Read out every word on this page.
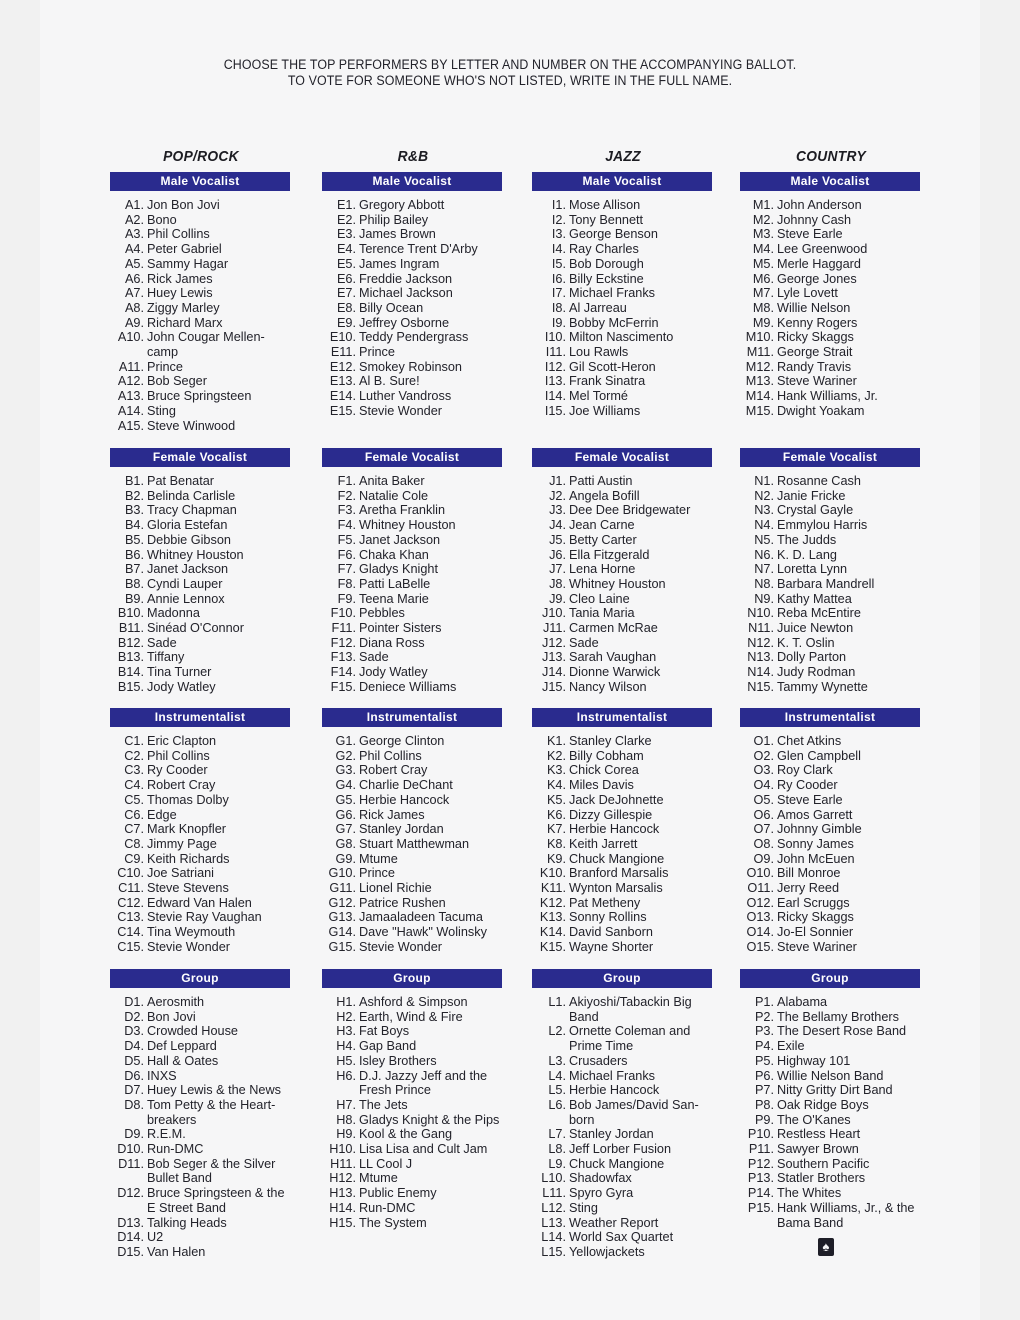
CHOOSE THE TOP PERFORMERS BY LETTER AND NUMBER ON THE ACCOMPANYING BALLOT.
TO VOTE FOR SOMEONE WHO'S NOT LISTED, WRITE IN THE FULL NAME.
POP/ROCK
Male Vocalist
A1. Jon Bon Jovi
A2. Bono
A3. Phil Collins
A4. Peter Gabriel
A5. Sammy Hagar
A6. Rick James
A7. Huey Lewis
A8. Ziggy Marley
A9. Richard Marx
A10. John Cougar Mellen-camp
A11. Prince
A12. Bob Seger
A13. Bruce Springsteen
A14. Sting
A15. Steve Winwood
Female Vocalist
B1. Pat Benatar
B2. Belinda Carlisle
B3. Tracy Chapman
B4. Gloria Estefan
B5. Debbie Gibson
B6. Whitney Houston
B7. Janet Jackson
B8. Cyndi Lauper
B9. Annie Lennox
B10. Madonna
B11. Sinéad O'Connor
B12. Sade
B13. Tiffany
B14. Tina Turner
B15. Jody Watley
Instrumentalist
C1. Eric Clapton
C2. Phil Collins
C3. Ry Cooder
C4. Robert Cray
C5. Thomas Dolby
C6. Edge
C7. Mark Knopfler
C8. Jimmy Page
C9. Keith Richards
C10. Joe Satriani
C11. Steve Stevens
C12. Edward Van Halen
C13. Stevie Ray Vaughan
C14. Tina Weymouth
C15. Stevie Wonder
Group
D1. Aerosmith
D2. Bon Jovi
D3. Crowded House
D4. Def Leppard
D5. Hall & Oates
D6. INXS
D7. Huey Lewis & the News
D8. Tom Petty & the Heart-breakers
D9. R.E.M.
D10. Run-DMC
D11. Bob Seger & the Silver Bullet Band
D12. Bruce Springsteen & the E Street Band
D13. Talking Heads
D14. U2
D15. Van Halen
R&B
Male Vocalist
E1. Gregory Abbott
E2. Philip Bailey
E3. James Brown
E4. Terence Trent D'Arby
E5. James Ingram
E6. Freddie Jackson
E7. Michael Jackson
E8. Billy Ocean
E9. Jeffrey Osborne
E10. Teddy Pendergrass
E11. Prince
E12. Smokey Robinson
E13. Al B. Sure!
E14. Luther Vandross
E15. Stevie Wonder
Female Vocalist
F1. Anita Baker
F2. Natalie Cole
F3. Aretha Franklin
F4. Whitney Houston
F5. Janet Jackson
F6. Chaka Khan
F7. Gladys Knight
F8. Patti LaBelle
F9. Teena Marie
F10. Pebbles
F11. Pointer Sisters
F12. Diana Ross
F13. Sade
F14. Jody Watley
F15. Deniece Williams
Instrumentalist
G1. George Clinton
G2. Phil Collins
G3. Robert Cray
G4. Charlie DeChant
G5. Herbie Hancock
G6. Rick James
G7. Stanley Jordan
G8. Stuart Matthewman
G9. Mtume
G10. Prince
G11. Lionel Richie
G12. Patrice Rushen
G13. Jamaaladeen Tacuma
G14. Dave "Hawk" Wolinsky
G15. Stevie Wonder
Group
H1. Ashford & Simpson
H2. Earth, Wind & Fire
H3. Fat Boys
H4. Gap Band
H5. Isley Brothers
H6. D.J. Jazzy Jeff and the Fresh Prince
H7. The Jets
H8. Gladys Knight & the Pips
H9. Kool & the Gang
H10. Lisa Lisa and Cult Jam
H11. LL Cool J
H12. Mtume
H13. Public Enemy
H14. Run-DMC
H15. The System
JAZZ
Male Vocalist
I1. Mose Allison
I2. Tony Bennett
I3. George Benson
I4. Ray Charles
I5. Bob Dorough
I6. Billy Eckstine
I7. Michael Franks
I8. Al Jarreau
I9. Bobby McFerrin
I10. Milton Nascimento
I11. Lou Rawls
I12. Gil Scott-Heron
I13. Frank Sinatra
I14. Mel Tormé
I15. Joe Williams
Female Vocalist
J1. Patti Austin
J2. Angela Bofill
J3. Dee Dee Bridgewater
J4. Jean Carne
J5. Betty Carter
J6. Ella Fitzgerald
J7. Lena Horne
J8. Whitney Houston
J9. Cleo Laine
J10. Tania Maria
J11. Carmen McRae
J12. Sade
J13. Sarah Vaughan
J14. Dionne Warwick
J15. Nancy Wilson
Instrumentalist
K1. Stanley Clarke
K2. Billy Cobham
K3. Chick Corea
K4. Miles Davis
K5. Jack DeJohnette
K6. Dizzy Gillespie
K7. Herbie Hancock
K8. Keith Jarrett
K9. Chuck Mangione
K10. Branford Marsalis
K11. Wynton Marsalis
K12. Pat Metheny
K13. Sonny Rollins
K14. David Sanborn
K15. Wayne Shorter
Group
L1. Akiyoshi/Tabackin Big Band
L2. Ornette Coleman and Prime Time
L3. Crusaders
L4. Michael Franks
L5. Herbie Hancock
L6. Bob James/David San-born
L7. Stanley Jordan
L8. Jeff Lorber Fusion
L9. Chuck Mangione
L10. Shadowfax
L11. Spyro Gyra
L12. Sting
L13. Weather Report
L14. World Sax Quartet
L15. Yellowjackets
COUNTRY
Male Vocalist
M1. John Anderson
M2. Johnny Cash
M3. Steve Earle
M4. Lee Greenwood
M5. Merle Haggard
M6. George Jones
M7. Lyle Lovett
M8. Willie Nelson
M9. Kenny Rogers
M10. Ricky Skaggs
M11. George Strait
M12. Randy Travis
M13. Steve Wariner
M14. Hank Williams, Jr.
M15. Dwight Yoakam
Female Vocalist
N1. Rosanne Cash
N2. Janie Fricke
N3. Crystal Gayle
N4. Emmylou Harris
N5. The Judds
N6. K. D. Lang
N7. Loretta Lynn
N8. Barbara Mandrell
N9. Kathy Mattea
N10. Reba McEntire
N11. Juice Newton
N12. K. T. Oslin
N13. Dolly Parton
N14. Judy Rodman
N15. Tammy Wynette
Instrumentalist
O1. Chet Atkins
O2. Glen Campbell
O3. Roy Clark
O4. Ry Cooder
O5. Steve Earle
O6. Amos Garrett
O7. Johnny Gimble
O8. Sonny James
O9. John McEuen
O10. Bill Monroe
O11. Jerry Reed
O12. Earl Scruggs
O13. Ricky Skaggs
O14. Jo-El Sonnier
O15. Steve Wariner
Group
P1. Alabama
P2. The Bellamy Brothers
P3. The Desert Rose Band
P4. Exile
P5. Highway 101
P6. Willie Nelson Band
P7. Nitty Gritty Dirt Band
P8. Oak Ridge Boys
P9. The O'Kanes
P10. Restless Heart
P11. Sawyer Brown
P12. Southern Pacific
P13. Statler Brothers
P14. The Whites
P15. Hank Williams, Jr., & the Bama Band
♠
